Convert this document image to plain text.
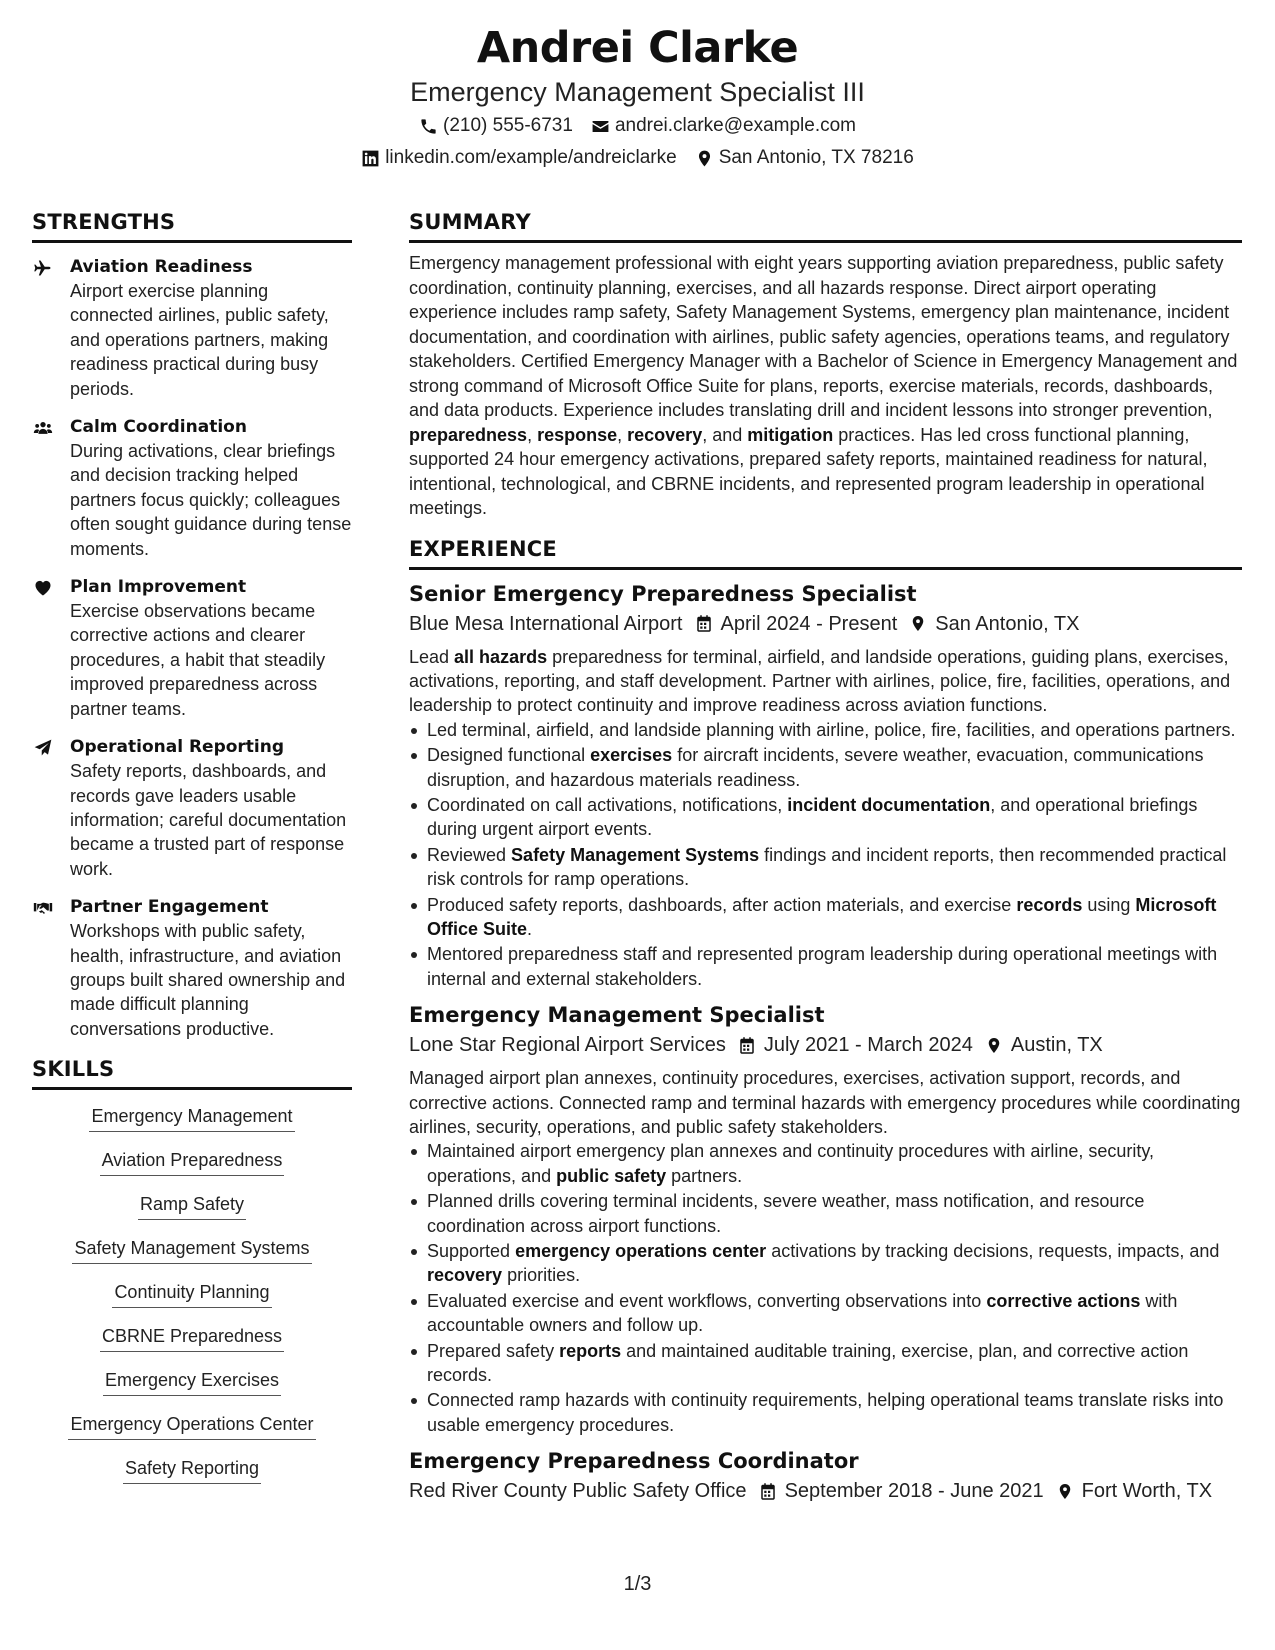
Andrei Clarke
Emergency Management Specialist III
(210) 555-6731 andrei.clarke@example.com
linkedin.com/example/andreiclarke San Antonio, TX 78216
STRENGTHS
Aviation Readiness
Airport exercise planning connected airlines, public safety, and operations partners, making readiness practical during busy periods.
Calm Coordination
During activations, clear briefings and decision tracking helped partners focus quickly; colleagues often sought guidance during tense moments.
Plan Improvement
Exercise observations became corrective actions and clearer procedures, a habit that steadily improved preparedness across partner teams.
Operational Reporting
Safety reports, dashboards, and records gave leaders usable information; careful documentation became a trusted part of response work.
Partner Engagement
Workshops with public safety, health, infrastructure, and aviation groups built shared ownership and made difficult planning conversations productive.
SKILLS
Emergency Management
Aviation Preparedness
Ramp Safety
Safety Management Systems
Continuity Planning
CBRNE Preparedness
Emergency Exercises
Emergency Operations Center
Safety Reporting
SUMMARY

Emergency management professional with eight years supporting aviation preparedness, public safety coordination, continuity planning, exercises, and all hazards response. Direct airport operating experience includes ramp safety, Safety Management Systems, emergency plan maintenance, incident documentation, and coordination with airlines, public safety agencies, operations teams, and regulatory stakeholders. Certified Emergency Manager with a Bachelor of Science in Emergency Management and strong command of Microsoft Office Suite for plans, reports, exercise materials, records, dashboards, and data products. Experience includes translating drill and incident lessons into stronger prevention, preparedness, response, recovery, and mitigation practices. Has led cross functional planning, supported 24 hour emergency activations, prepared safety reports, maintained readiness for natural, intentional, technological, and CBRNE incidents, and represented program leadership in operational meetings.

EXPERIENCE
Senior Emergency Preparedness Specialist
Blue Mesa International Airport April 2024 - Present San Antonio, TX

Lead all hazards preparedness for terminal, airfield, and landside operations, guiding plans, exercises, activations, reporting, and staff development. Partner with airlines, police, fire, facilities, operations, and leadership to protect continuity and improve readiness across aviation functions.

Led terminal, airfield, and landside planning with airline, police, fire, facilities, and operations partners.
Designed functional exercises for aircraft incidents, severe weather, evacuation, communications disruption, and hazardous materials readiness.
Coordinated on call activations, notifications, incident documentation, and operational briefings during urgent airport events.
Reviewed Safety Management Systems findings and incident reports, then recommended practical risk controls for ramp operations.
Produced safety reports, dashboards, after action materials, and exercise records using Microsoft Office Suite.
Mentored preparedness staff and represented program leadership during operational meetings with internal and external stakeholders.
Emergency Management Specialist
Lone Star Regional Airport Services July 2021 - March 2024 Austin, TX

Managed airport plan annexes, continuity procedures, exercises, activation support, records, and corrective actions. Connected ramp and terminal hazards with emergency procedures while coordinating airlines, security, operations, and public safety stakeholders.

Maintained airport emergency plan annexes and continuity procedures with airline, security, operations, and public safety partners.
Planned drills covering terminal incidents, severe weather, mass notification, and resource coordination across airport functions.
Supported emergency operations center activations by tracking decisions, requests, impacts, and recovery priorities.
Evaluated exercise and event workflows, converting observations into corrective actions with accountable owners and follow up.
Prepared safety reports and maintained auditable training, exercise, plan, and corrective action records.
Connected ramp hazards with continuity requirements, helping operational teams translate risks into usable emergency procedures.
Emergency Preparedness Coordinator
Red River County Public Safety Office September 2018 - June 2021 Fort Worth, TX
1/3
